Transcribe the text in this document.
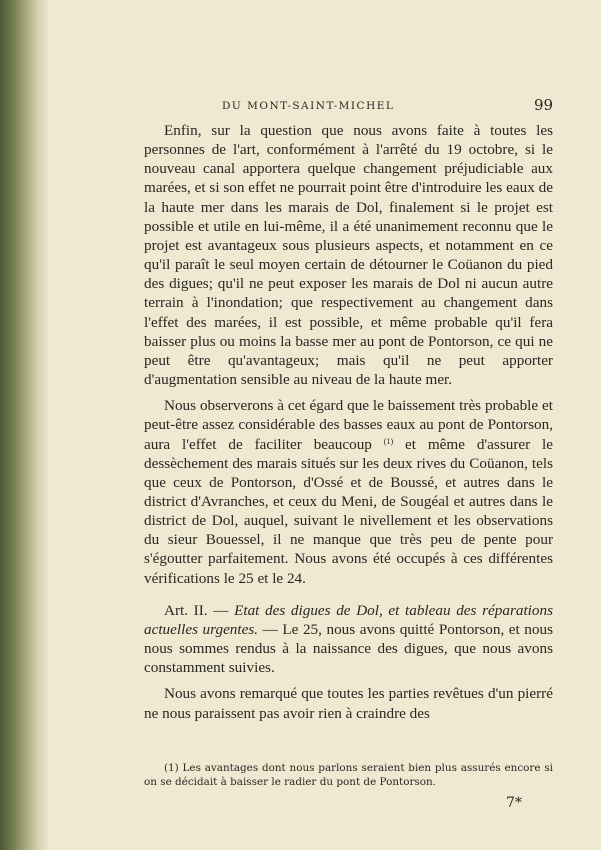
DU MONT-SAINT-MICHEL	99

Enfin, sur la question que nous avons faite à toutes les personnes de l'art, conformément à l'arrêté du 19 octobre, si le nouveau canal apportera quelque changement préjudiciable aux marées, et si son effet ne pourrait point être d'introduire les eaux de la haute mer dans les marais de Dol, finalement si le projet est possible et utile en lui-même, il a été unanimement reconnu que le projet est avantageux sous plusieurs aspects, et notamment en ce qu'il paraît le seul moyen certain de détourner le Coüanon du pied des digues; qu'il ne peut exposer les marais de Dol ni aucun autre terrain à l'inondation; que respectivement au changement dans l'effet des marées, il est possible, et même probable qu'il fera baisser plus ou moins la basse mer au pont de Pontorson, ce qui ne peut être qu'avantageux; mais qu'il ne peut apporter d'augmentation sensible au niveau de la haute mer.

Nous observerons à cet égard que le baissement très probable et peut-être assez considérable des basses eaux au pont de Pontorson, aura l'effet de faciliter beaucoup $^{(1)}$ et même d'assurer le dessèchement des marais situés sur les deux rives du Coüanon, tels que ceux de Pontorson, d'Ossé et de Boussé, et autres dans le district d'Avranches, et ceux du Meni, de Sougéal et autres dans le district de Dol, auquel, suivant le nivellement et les observations du sieur Bouessel, il ne manque que très peu de pente pour s'égoutter parfaitement. Nous avons été occupés à ces différentes vérifications le 25 et le 24.

Art. II. — Etat des digues de Dol, et tableau des réparations actuelles urgentes. — Le 25, nous avons quitté Pontorson, et nous nous sommes rendus à la naissance des digues, que nous avons constamment suivies.

Nous avons remarqué que toutes les parties revêtues d'un pierré ne nous paraissent pas avoir rien à craindre des

(1) Les avantages dont nous parlons seraient bien plus assurés encore si on se décidait à baisser le radier du pont de Pontorson.
7*
